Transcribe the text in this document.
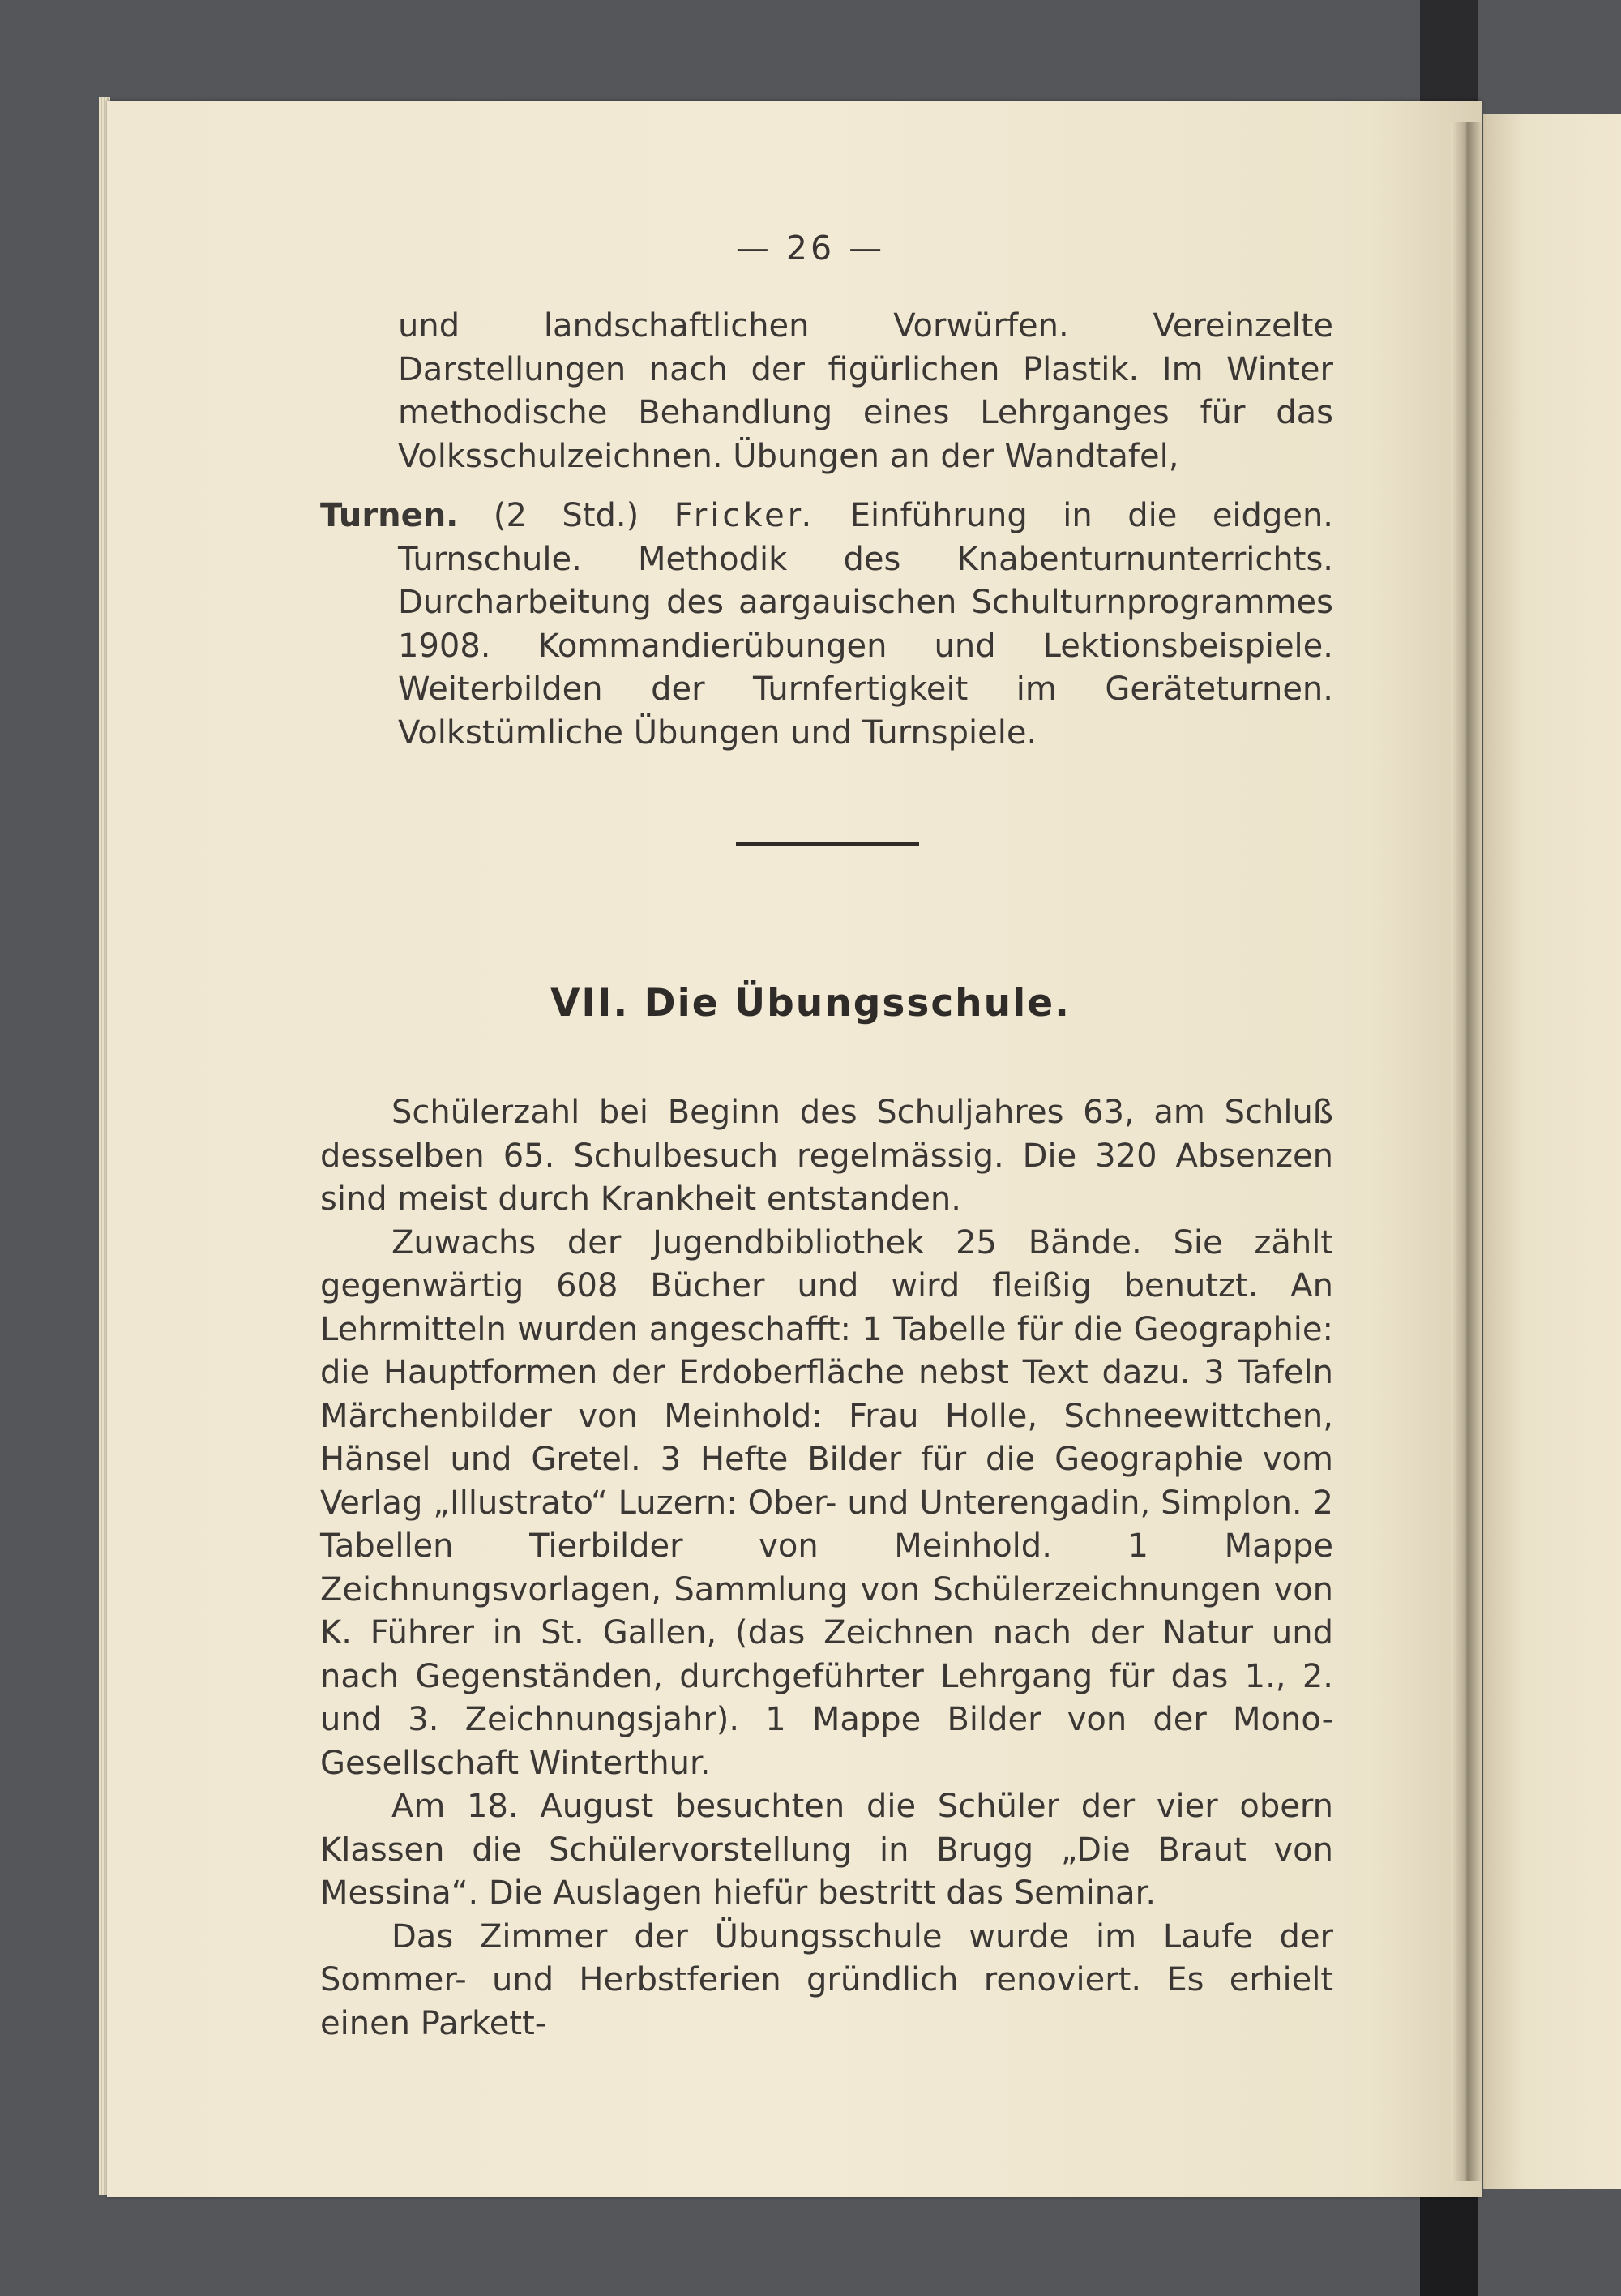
— 26 —

und landschaftlichen Vorwürfen. Vereinzelte Darstellungen nach der figürlichen Plastik. Im Winter methodische Behandlung eines Lehrganges für das Volksschulzeichnen. Übungen an der Wandtafel,

Turnen. (2 Std.) Fricker. Einführung in die eidgen. Turnschule. Methodik des Knabenturnunterrichts. Durcharbeitung des aargauischen Schulturnprogrammes 1908. Kommandierübungen und Lektionsbeispiele. Weiterbilden der Turnfertigkeit im Geräteturnen. Volkstümliche Übungen und Turnspiele.

VII. Die Übungsschule.

Schülerzahl bei Beginn des Schuljahres 63, am Schluß desselben 65. Schulbesuch regelmässig. Die 320 Absenzen sind meist durch Krankheit entstanden.

Zuwachs der Jugendbibliothek 25 Bände. Sie zählt gegenwärtig 608 Bücher und wird fleißig benutzt. An Lehrmitteln wurden angeschafft: 1 Tabelle für die Geographie: die Hauptformen der Erdoberfläche nebst Text dazu. 3 Tafeln Märchenbilder von Meinhold: Frau Holle, Schneewittchen, Hänsel und Gretel. 3 Hefte Bilder für die Geographie vom Verlag „Illustrato“ Luzern: Ober- und Unterengadin, Simplon. 2 Tabellen Tierbilder von Meinhold. 1 Mappe Zeichnungsvorlagen, Sammlung von Schülerzeichnungen von K. Führer in St. Gallen, (das Zeichnen nach der Natur und nach Gegenständen, durchgeführter Lehrgang für das 1., 2. und 3. Zeichnungsjahr). 1 Mappe Bilder von der Mono-Gesellschaft Winterthur.

Am 18. August besuchten die Schüler der vier obern Klassen die Schülervorstellung in Brugg „Die Braut von Messina“. Die Auslagen hiefür bestritt das Seminar.

Das Zimmer der Übungsschule wurde im Laufe der Sommer- und Herbstferien gründlich renoviert. Es erhielt einen Parkett-
